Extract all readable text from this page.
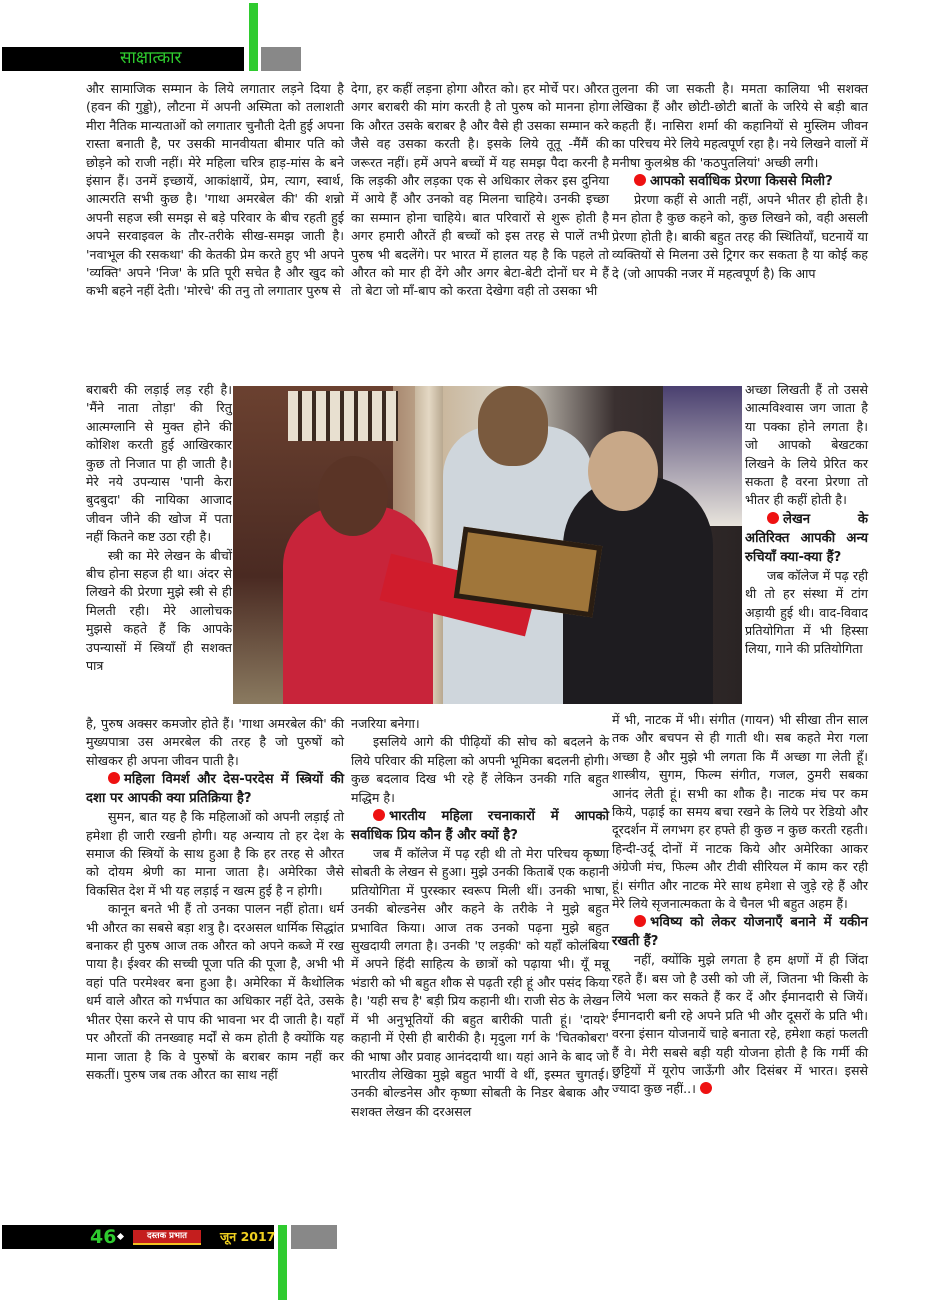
साक्षात्कार

और सामाजिक सम्मान के लिये लगातार लड़ने दिया है (हवन की गुड्डो), लौटना में अपनी अस्मिता को तलाशती मीरा नैतिक मान्यताओं को लगातार चुनौती देती हुई अपना रास्ता बनाती है, पर उसकी मानवीयता बीमार पति को छोड़ने को राजी नहीं। मेरे महिला चरित्र हाड़-मांस के बने इंसान हैं। उनमें इच्छायें, आकांक्षायें, प्रेम, त्याग, स्वार्थ, आत्मरति सभी कुछ है। 'गाथा अमरबेल की' की शन्नो अपनी सहज स्त्री समझ से बड़े परिवार के बीच रहती हुई अपने सरवाइवल के तौर-तरीके सीख-समझ जाती है। 'नवाभूल की रसकथा' की केतकी प्रेम करते हुए भी अपने 'व्यक्ति' अपने 'निज' के प्रति पूरी सचेत है और खुद को कभी बहने नहीं देती। 'मोरचे' की तनु तो लगातार पुरुष से

बराबरी की लड़ाई लड़ रही है। 'मैंने नाता तोड़ा' की रितु आत्मग्लानि से मुक्त होने की कोशिश करती हुई आखिरकार कुछ तो निजात पा ही जाती है। मेरे नये उपन्यास 'पानी केरा बुदबुदा' की नायिका आजाद जीवन जीने की खोज में पता नहीं कितने कष्ट उठा रही है।

स्त्री का मेरे लेखन के बीचों बीच होना सहज ही था। अंदर से लिखने की प्रेरणा मुझे स्त्री से ही मिलती रही। मेरे आलोचक मुझसे कहते हैं कि आपके उपन्यासों में स्त्रियाँ ही सशक्त पात्र

है, पुरुष अक्सर कमजोर होते हैं। 'गाथा अमरबेल की' की मुख्यपात्रा उस अमरबेल की तरह है जो पुरुषों को सोखकर ही अपना जीवन पाती है।

महिला विमर्श और देस-परदेस में स्त्रियों की दशा पर आपकी क्या प्रतिक्रिया है?

सुमन, बात यह है कि महिलाओं को अपनी लड़ाई तो हमेशा ही जारी रखनी होगी। यह अन्याय तो हर देश के समाज की स्त्रियों के साथ हुआ है कि हर तरह से औरत को दोयम श्रेणी का माना जाता है। अमेरिका जैसे विकसित देश में भी यह लड़ाई न खत्म हुई है न होगी।

कानून बनते भी हैं तो उनका पालन नहीं होता। धर्म भी औरत का सबसे बड़ा शत्रु है। दरअसल धार्मिक सिद्धांत बनाकर ही पुरुष आज तक औरत को अपने कब्जे में रख पाया है। ईश्वर की सच्ची पूजा पति की पूजा है, अभी भी वहां पति परमेश्वर बना हुआ है। अमेरिका में कैथोलिक धर्म वाले औरत को गर्भपात का अधिकार नहीं देते, उसके भीतर ऐसा करने से पाप की भावना भर दी जाती है। यहाँ पर औरतों की तनख्वाह मर्दों से कम होती है क्योंकि यह माना जाता है कि वे पुरुषों के बराबर काम नहीं कर सकतीं। पुरुष जब तक औरत का साथ नहीं

देगा, हर कहीं लड़ना होगा औरत को। हर मोर्चे पर। औरत अगर बराबरी की मांग करती है तो पुरुष को मानना होगा कि औरत उसके बराबर है और वैसे ही उसका सम्मान करे जैसे वह उसका करती है। इसके लिये तूतू -मैंमैं की जरूरत नहीं। हमें अपने बच्चों में यह समझ पैदा करनी है कि लड़की और लड़का एक से अधिकार लेकर इस दुनिया में आये हैं और उनको वह मिलना चाहिये। उनकी इच्छा का सम्मान होना चाहिये। बात परिवारों से शुरू होती है अगर हमारी औरतें ही बच्चों को इस तरह से पालें तभी पुरुष भी बदलेंगे। पर भारत में हालत यह है कि पहले तो औरत को मार ही देंगे और अगर बेटा-बेटी दोनों घर मे हैं तो बेटा जो माँ-बाप को करता देखेगा वही तो उसका भी

नजरिया बनेगा।

इसलिये आगे की पीढ़ियों की सोच को बदलने के लिये परिवार की महिला को अपनी भूमिका बदलनी होगी। कुछ बदलाव दिख भी रहे हैं लेकिन उनकी गति बहुत मद्धिम है।

भारतीय महिला रचनाकारों में आपको सर्वाधिक प्रिय कौन हैं और क्यों है?

जब मैं कॉलेज में पढ़ रही थी तो मेरा परिचय कृष्णा सोबती के लेखन से हुआ। मुझे उनकी किताबें एक कहानी प्रतियोगिता में पुरस्कार स्वरूप मिली थीं। उनकी भाषा, उनकी बोल्डनेस और कहने के तरीके ने मुझे बहुत प्रभावित किया। आज तक उनको पढ़ना मुझे बहुत सुखदायी लगता है। उनकी 'ए लड़की' को यहाँ कोलंबिया में अपने हिंदी साहित्य के छात्रों को पढ़ाया भी। यूँ मन्नू भंडारी को भी बहुत शौक से पढ़ती रही हूं और पसंद किया है। 'यही सच है' बड़ी प्रिय कहानी थी। राजी सेठ के लेखन में भी अनुभूतियों की बहुत बारीकी पाती हूं। 'दायरे' कहानी में ऐसी ही बारीकी है। मृदुला गर्ग के 'चितकोबरा' की भाषा और प्रवाह आनंददायी था। यहां आने के बाद जो भारतीय लेखिका मुझे बहुत भायीं वे थीं, इस्मत चुगतई। उनकी बोल्डनेस और कृष्णा सोबती के निडर बेबाक और सशक्त लेखन की दरअसल

तुलना की जा सकती है। ममता कालिया भी सशक्त लेखिका हैं और छोटी-छोटी बातों के जरिये से बड़ी बात कहती हैं। नासिरा शर्मा की कहानियों से मुस्लिम जीवन का परिचय मेरे लिये महत्वपूर्ण रहा है। नये लिखने वालों में मनीषा कुलश्रेष्ठ की 'कठपुतलियां' अच्छी लगी।

आपको सर्वाधिक प्रेरणा किससे मिली?

प्रेरणा कहीं से आती नहीं, अपने भीतर ही होती है। मन होता है कुछ कहने को, कुछ लिखने को, वही असली प्रेरणा होती है। बाकी बहुत तरह की स्थितियाँ, घटनायें या व्यक्तियों से मिलना उसे ट्रिगर कर सकता है या कोई कह दे (जो आपकी नजर में महत्वपूर्ण है) कि आप

अच्छा लिखती हैं तो उससे आत्मविश्वास जग जाता है या पक्का होने लगता है। जो आपको बेखटका लिखने के लिये प्रेरित कर सकता है वरना प्रेरणा तो भीतर ही कहीं होती है।

लेखन के अतिरिक्त आपकी अन्य रुचियाँ क्या-क्या हैं?

जब कॉलेज में पढ़ रही थी तो हर संस्था में टांग अड़ायी हुई थी। वाद-विवाद प्रतियोगिता में भी हिस्सा लिया, गाने की प्रतियोगिता

में भी, नाटक में भी। संगीत (गायन) भी सीखा तीन साल तक और बचपन से ही गाती थी। सब कहते मेरा गला अच्छा है और मुझे भी लगता कि मैं अच्छा गा लेती हूँ। शास्त्रीय, सुगम, फिल्म संगीत, गजल, ठुमरी सबका आनंद लेती हूं। सभी का शौक है। नाटक मंच पर कम किये, पढ़ाई का समय बचा रखने के लिये पर रेडियो और दूरदर्शन में लगभग हर हफ्ते ही कुछ न कुछ करती रहती। हिन्दी-उर्दू दोनों में नाटक किये और अमेरिका आकर अंग्रेजी मंच, फिल्म और टीवी सीरियल में काम कर रही हूं। संगीत और नाटक मेरे साथ हमेशा से जुड़े रहे हैं और मेरे लिये सृजनात्मकता के वे चैनल भी बहुत अहम हैं।

भविष्य को लेकर योजनाएँ बनाने में यकीन रखती हैं?

नहीं, क्योंकि मुझे लगता है हम क्षणों में ही जिंदा रहते हैं। बस जो है उसी को जी लें, जितना भी किसी के लिये भला कर सकते हैं कर दें और ईमानदारी से जियें। ईमानदारी बनी रहे अपने प्रति भी और दूसरों के प्रति भी। वरना इंसान योजनायें चाहे बनाता रहे, हमेशा कहां फलती हैं वे। मेरी सबसे बड़ी यही योजना होती है कि गर्मी की छुट्टियों में यूरोप जाऊँगी और दिसंबर में भारत। इससे ज्यादा कुछ नहीं..।

46	दस्तक प्रभात	जून 2017
